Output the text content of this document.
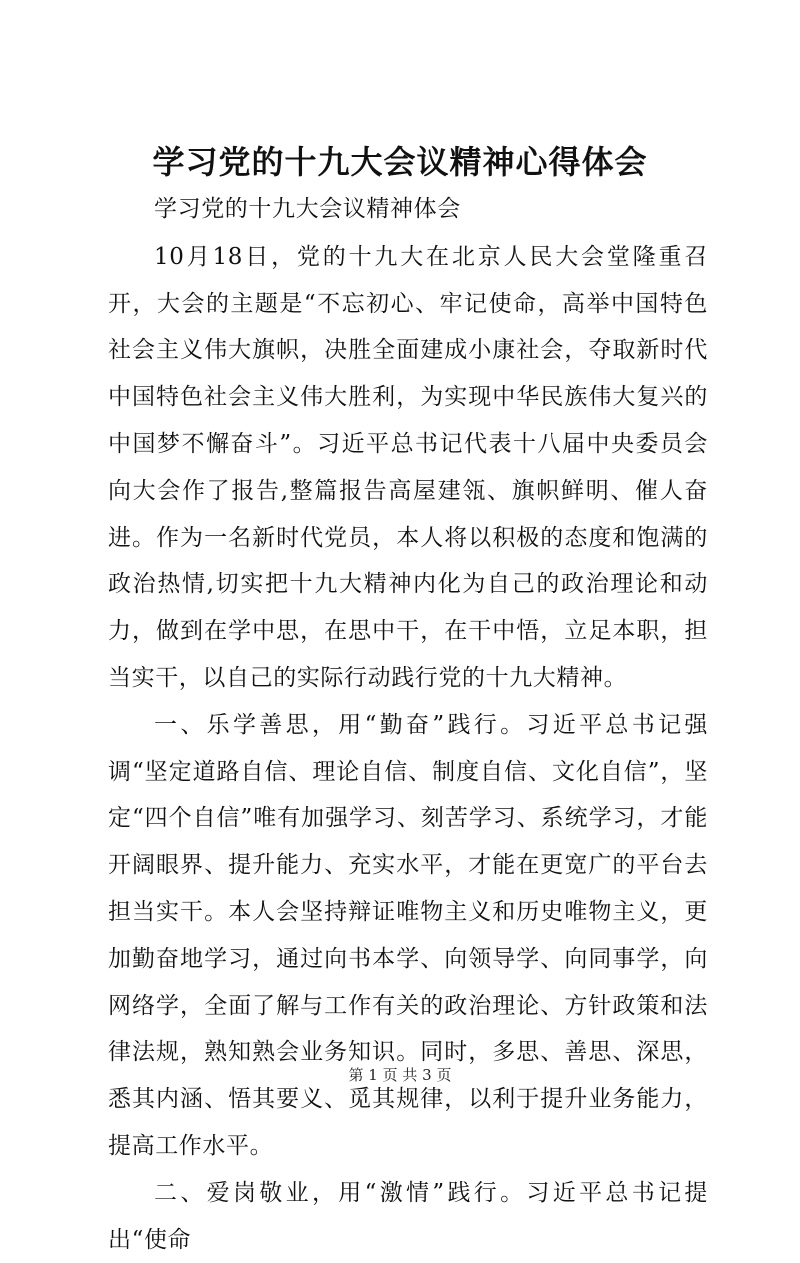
学习党的十九大会议精神心得体会

学习党的十九大会议精神体会

10月18日，党的十九大在北京人民大会堂隆重召开，大会的主题是“不忘初心、牢记使命，高举中国特色社会主义伟大旗帜，决胜全面建成小康社会，夺取新时代中国特色社会主义伟大胜利，为实现中华民族伟大复兴的中国梦不懈奋斗”。习近平总书记代表十八届中央委员会向大会作了报告,整篇报告高屋建瓴、旗帜鲜明、催人奋进。作为一名新时代党员，本人将以积极的态度和饱满的政治热情,切实把十九大精神内化为自己的政治理论和动力，做到在学中思，在思中干，在干中悟，立足本职，担当实干，以自己的实际行动践行党的十九大精神。

一、乐学善思，用“勤奋”践行。习近平总书记强调“坚定道路自信、理论自信、制度自信、文化自信”，坚定“四个自信”唯有加强学习、刻苦学习、系统学习，才能开阔眼界、提升能力、充实水平，才能在更宽广的平台去担当实干。本人会坚持辩证唯物主义和历史唯物主义，更加勤奋地学习，通过向书本学、向领导学、向同事学，向网络学，全面了解与工作有关的政治理论、方针政策和法律法规，熟知熟会业务知识。同时，多思、善思、深思，悉其内涵、悟其要义、觅其规律，以利于提升业务能力，提高工作水平。

二、爱岗敬业，用“激情”践行。习近平总书记提出“使命

第 1 页 共 3 页
